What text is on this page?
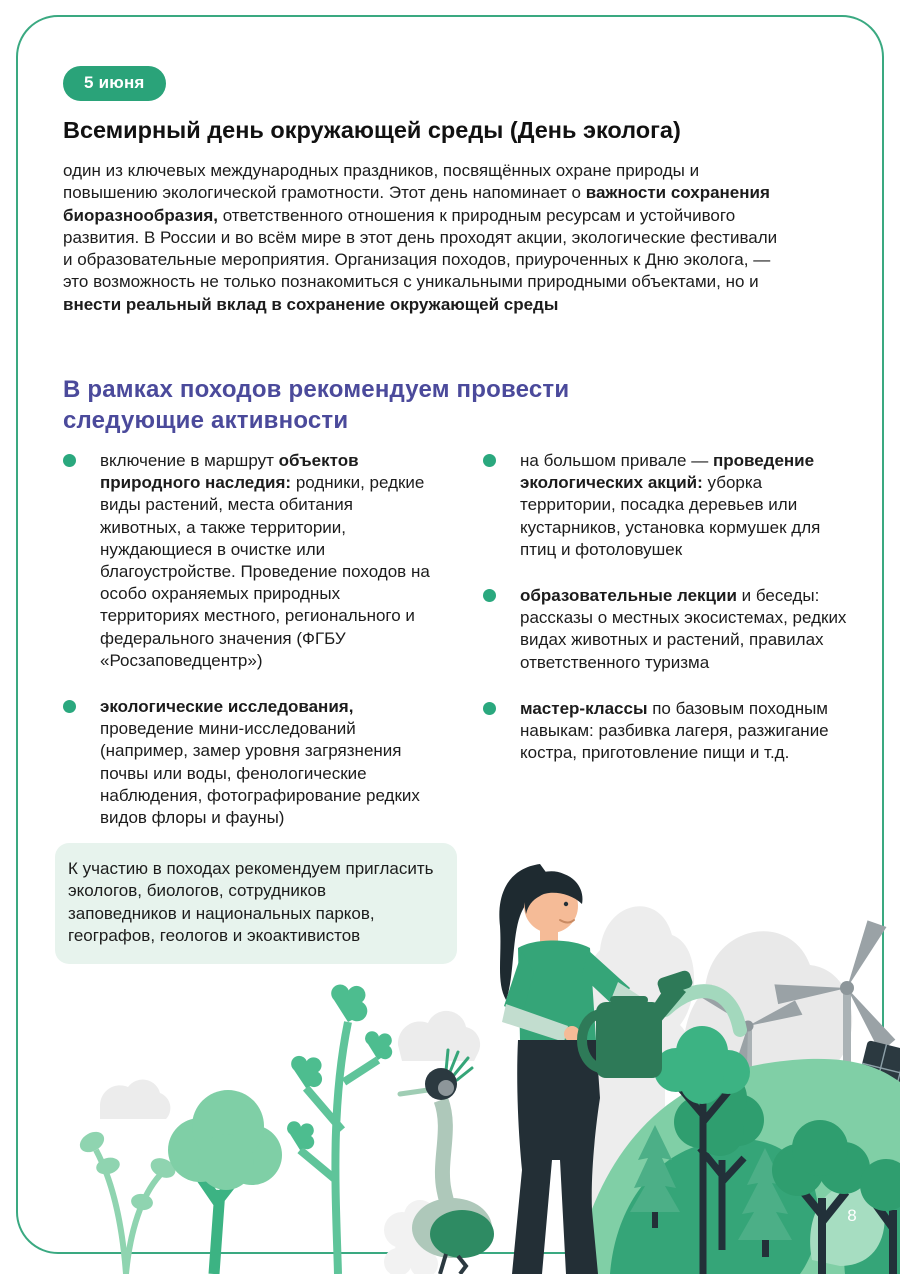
5 июня
Всемирный день окружающей среды (День эколога)

один из ключевых международных праздников, посвящённых охране природы и повышению экологической грамотности. Этот день напоминает о важности сохранения биоразнообразия, ответственного отношения к природным ресурсам и устойчивого развития. В России и во всём мире в этот день проходят акции, экологические фестивали и образовательные мероприятия. Организация походов, приуроченных к Дню эколога, — это возможность не только познакомиться с уникальными природными объектами, но и внести реальный вклад в сохранение окружающей среды

В рамках походов рекомендуем провести следующие активности

включение в маршрут объектов природного наследия: родники, редкие виды растений, места обитания животных, а также территории, нуждающиеся в очистке или благоустройстве. Проведение походов на особо охраняемых природных территориях местного, регионального и федерального значения (ФГБУ «Росзаповедцентр»)

экологические исследования, проведение мини-исследований (например, замер уровня загрязнения почвы или воды, фенологические наблюдения, фотографирование редких видов флоры и фауны)

на большом привале — проведение экологических акций: уборка территории, посадка деревьев или кустарников, установка кормушек для птиц и фотоловушек

образовательные лекции и беседы: рассказы о местных экосистемах, редких видах животных и растений, правилах ответственного туризма

мастер-классы по базовым походным навыкам: разбивка лагеря, разжигание костра, приготовление пищи и т.д.

К участию в походах рекомендуем пригласить экологов, биологов, сотрудников заповедников и национальных парков, географов, геологов и экоактивистов

8
